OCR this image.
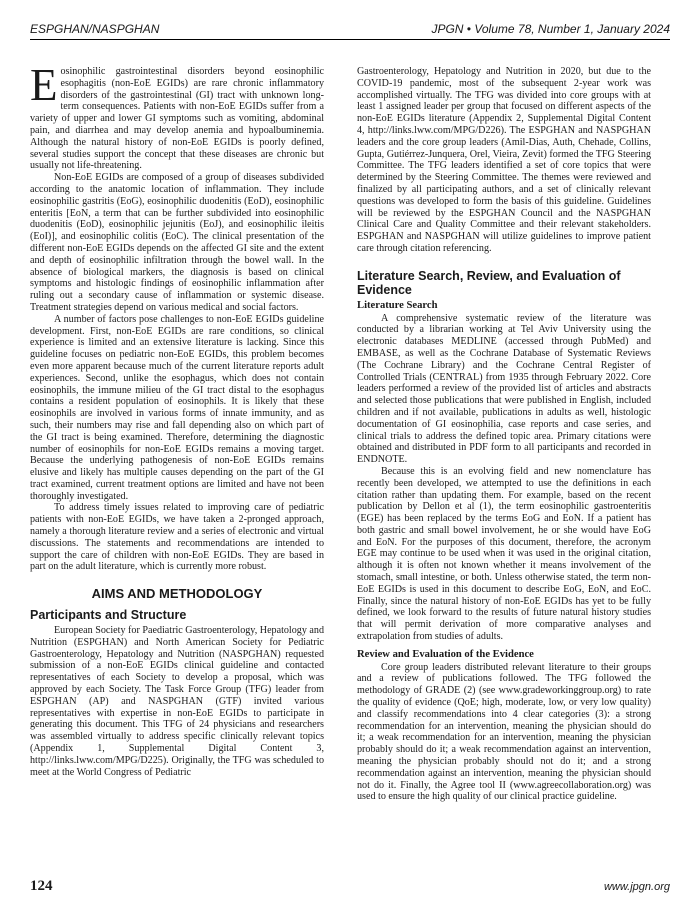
ESPGHAN/NASPGHAN	JPGN • Volume 78, Number 1, January 2024

Eosinophilic gastrointestinal disorders beyond eosinophilic esophagitis (non-EoE EGIDs) are rare chronic inflammatory disorders of the gastrointestinal (GI) tract with unknown long-term consequences. Patients with non-EoE EGIDs suffer from a variety of upper and lower GI symptoms such as vomiting, abdominal pain, and diarrhea and may develop anemia and hypoalbuminemia. Although the natural history of non-EoE EGIDs is poorly defined, several studies support the concept that these diseases are chronic but usually not life-threatening.

Non-EoE EGIDs are composed of a group of diseases subdivided according to the anatomic location of inflammation. They include eosinophilic gastritis (EoG), eosinophilic duodenitis (EoD), eosinophilic enteritis [EoN, a term that can be further subdivided into eosinophilic duodenitis (EoD), eosinophilic jejunitis (EoJ), and eosinophilic ileitis (EoI)], and eosinophilic colitis (EoC). The clinical presentation of the different non-EoE EGIDs depends on the affected GI site and the extent and depth of eosinophilic infiltration through the bowel wall. In the absence of biological markers, the diagnosis is based on clinical symptoms and histologic findings of eosinophilic inflammation after ruling out a secondary cause of inflammation or systemic disease. Treatment strategies depend on various medical and social factors.

A number of factors pose challenges to non-EoE EGIDs guideline development. First, non-EoE EGIDs are rare conditions, so clinical experience is limited and an extensive literature is lacking. Since this guideline focuses on pediatric non-EoE EGIDs, this problem becomes even more apparent because much of the current literature reports adult experiences. Second, unlike the esophagus, which does not contain eosinophils, the immune milieu of the GI tract distal to the esophagus contains a resident population of eosinophils. It is likely that these eosinophils are involved in various forms of innate immunity, and as such, their numbers may rise and fall depending also on which part of the GI tract is being examined. Therefore, determining the diagnostic number of eosinophils for non-EoE EGIDs remains a moving target. Because the underlying pathogenesis of non-EoE EGIDs remains elusive and likely has multiple causes depending on the part of the GI tract examined, current treatment options are limited and have not been thoroughly investigated.

To address timely issues related to improving care of pediatric patients with non-EoE EGIDs, we have taken a 2-pronged approach, namely a thorough literature review and a series of electronic and virtual discussions. The statements and recommendations are intended to support the care of children with non-EoE EGIDs. They are based in part on the adult literature, which is currently more robust.

AIMS AND METHODOLOGY
Participants and Structure

European Society for Paediatric Gastroenterology, Hepatology and Nutrition (ESPGHAN) and North American Society for Pediatric Gastroenterology, Hepatology and Nutrition (NASPGHAN) requested submission of a non-EoE EGIDs clinical guideline and contacted representatives of each Society to develop a proposal, which was approved by each Society. The Task Force Group (TFG) leader from ESPGHAN (AP) and NASPGHAN (GTF) invited various representatives with expertise in non-EoE EGIDs to participate in generating this document. This TFG of 24 physicians and researchers was assembled virtually to address specific clinically relevant topics (Appendix 1, Supplemental Digital Content 3, http://links.lww.com/MPG/D225). Originally, the TFG was scheduled to meet at the World Congress of Pediatric

Gastroenterology, Hepatology and Nutrition in 2020, but due to the COVID-19 pandemic, most of the subsequent 2-year work was accomplished virtually. The TFG was divided into core groups with at least 1 assigned leader per group that focused on different aspects of the non-EoE EGIDs literature (Appendix 2, Supplemental Digital Content 4, http://links.lww.com/MPG/D226). The ESPGHAN and NASPGHAN leaders and the core group leaders (Amil-Dias, Auth, Chehade, Collins, Gupta, Gutiérrez-Junquera, Orel, Vieira, Zevit) formed the TFG Steering Committee. The TFG leaders identified a set of core topics that were determined by the Steering Committee. The themes were reviewed and finalized by all participating authors, and a set of clinically relevant questions was developed to form the basis of this guideline. Guidelines will be reviewed by the ESPGHAN Council and the NASPGHAN Clinical Care and Quality Committee and their relevant stakeholders. ESPGHAN and NASPGHAN will utilize guidelines to improve patient care through citation referencing.

Literature Search, Review, and Evaluation of Evidence
Literature Search

A comprehensive systematic review of the literature was conducted by a librarian working at Tel Aviv University using the electronic databases MEDLINE (accessed through PubMed) and EMBASE, as well as the Cochrane Database of Systematic Reviews (The Cochrane Library) and the Cochrane Central Register of Controlled Trials (CENTRAL) from 1935 through February 2022. Core leaders performed a review of the provided list of articles and abstracts and selected those publications that were published in English, included children and if not available, publications in adults as well, histologic documentation of GI eosinophilia, case reports and case series, and clinical trials to address the defined topic area. Primary citations were obtained and distributed in PDF form to all participants and recorded in ENDNOTE.

Because this is an evolving field and new nomenclature has recently been developed, we attempted to use the definitions in each citation rather than updating them. For example, based on the recent publication by Dellon et al (1), the term eosinophilic gastroenteritis (EGE) has been replaced by the terms EoG and EoN. If a patient has both gastric and small bowel involvement, he or she would have EoG and EoN. For the purposes of this document, therefore, the acronym EGE may continue to be used when it was used in the original citation, although it is often not known whether it means involvement of the stomach, small intestine, or both. Unless otherwise stated, the term non-EoE EGIDs is used in this document to describe EoG, EoN, and EoC. Finally, since the natural history of non-EoE EGIDs has yet to be fully defined, we look forward to the results of future natural history studies that will permit derivation of more comparative analyses and extrapolation from studies of adults.

Review and Evaluation of the Evidence

Core group leaders distributed relevant literature to their groups and a review of publications followed. The TFG followed the methodology of GRADE (2) (see www.gradeworkinggroup.org) to rate the quality of evidence (QoE; high, moderate, low, or very low quality) and classify recommendations into 4 clear categories (3): a strong recommendation for an intervention, meaning the physician should do it; a weak recommendation for an intervention, meaning the physician probably should do it; a weak recommendation against an intervention, meaning the physician probably should not do it; and a strong recommendation against an intervention, meaning the physician should not do it. Finally, the Agree tool II (www.agreecollaboration.org) was used to ensure the high quality of our clinical practice guideline.

124	www.jpgn.org
